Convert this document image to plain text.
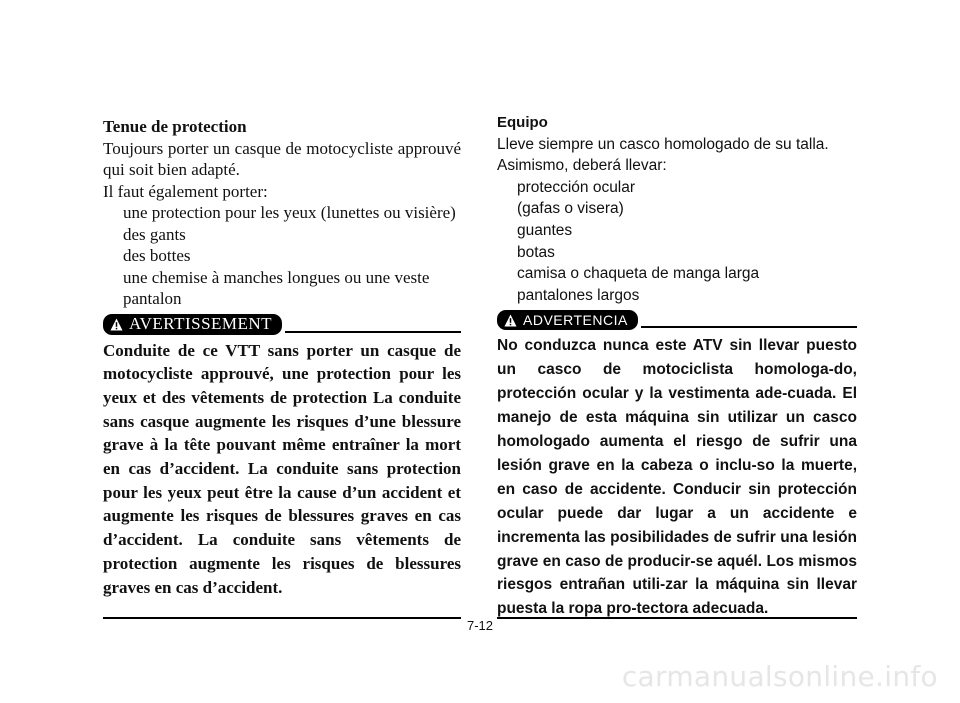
Tenue de protection
Toujours porter un casque de motocycliste approuvé qui soit bien adapté.
Il faut également porter:
une protection pour les yeux (lunettes ou visière)
des gants
des bottes
une chemise à manches longues ou une veste
pantalon
AVERTISSEMENT
Conduite de ce VTT sans porter un casque de motocycliste approuvé, une protection pour les yeux et des vêtements de protection La conduite sans casque augmente les risques d’une blessure grave à la tête pouvant même entraîner la mort en cas d’accident. La conduite sans protection pour les yeux peut être la cause d’un accident et augmente les risques de blessures graves en cas d’accident. La conduite sans vêtements de protection augmente les risques de blessures graves en cas d’accident.
Equipo
Lleve siempre un casco homologado de su talla.
Asimismo, deberá llevar:
protección ocular
(gafas o visera)
guantes
botas
camisa o chaqueta de manga larga
pantalones largos
ADVERTENCIA
No conduzca nunca este ATV sin llevar puesto un casco de motociclista homologa-do, protección ocular y la vestimenta ade-cuada. El manejo de esta máquina sin utilizar un casco homologado aumenta el riesgo de sufrir una lesión grave en la cabeza o inclu-so la muerte, en caso de accidente. Conducir sin protección ocular puede dar lugar a un accidente e incrementa las posibilidades de sufrir una lesión grave en caso de producir-se aquél. Los mismos riesgos entrañan utili-zar la máquina sin llevar puesta la ropa pro-tectora adecuada.
7-12
carmanualsonline.info
